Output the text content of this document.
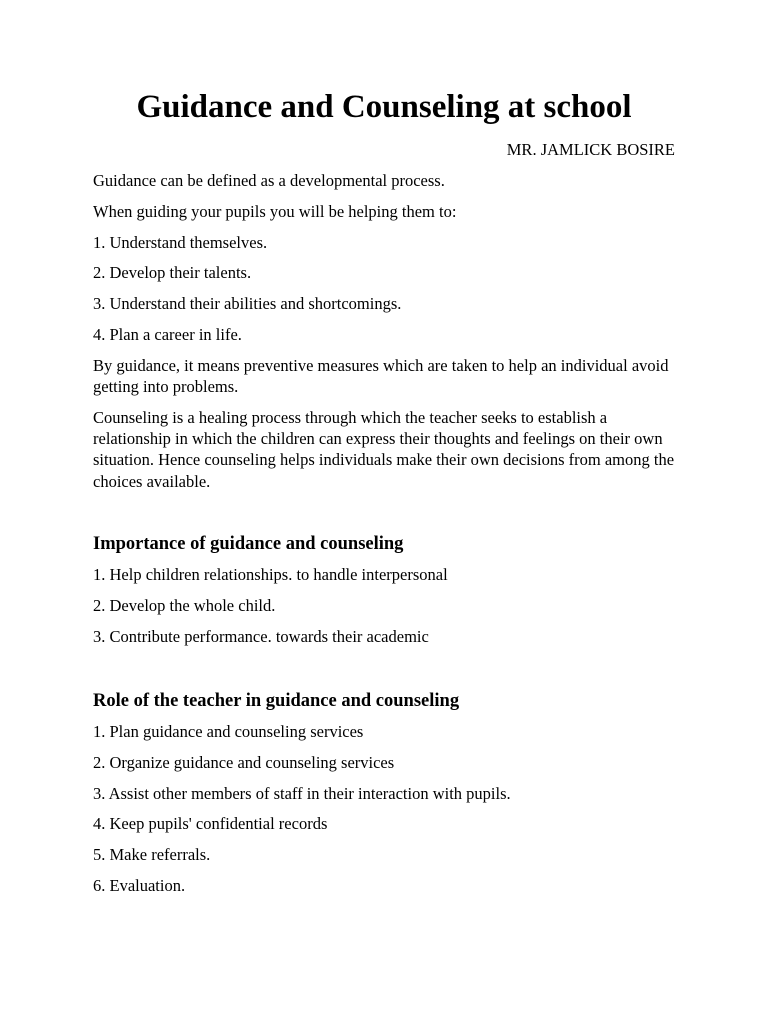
Guidance and Counseling at school
MR. JAMLICK BOSIRE

Guidance can be defined as a developmental process.

When guiding your pupils you will be helping them to:

1. Understand themselves.

2. Develop their talents.

3. Understand their abilities and shortcomings.

4. Plan a career in life.

By guidance, it means preventive measures which are taken to help an individual avoid getting into problems.

Counseling is a healing process through which the teacher seeks to establish a relationship in which the children can express their thoughts and feelings on their own situation. Hence counseling helps individuals make their own decisions from among the choices available.

Importance of guidance and counseling

1. Help children relationships. to handle interpersonal

2. Develop the whole child.

3. Contribute performance. towards their academic

Role of the teacher in guidance and counseling

1. Plan guidance and counseling services

2. Organize guidance and counseling services

3. Assist other members of staff in their interaction with pupils.

4. Keep pupils' confidential records

5. Make referrals.

6. Evaluation.
